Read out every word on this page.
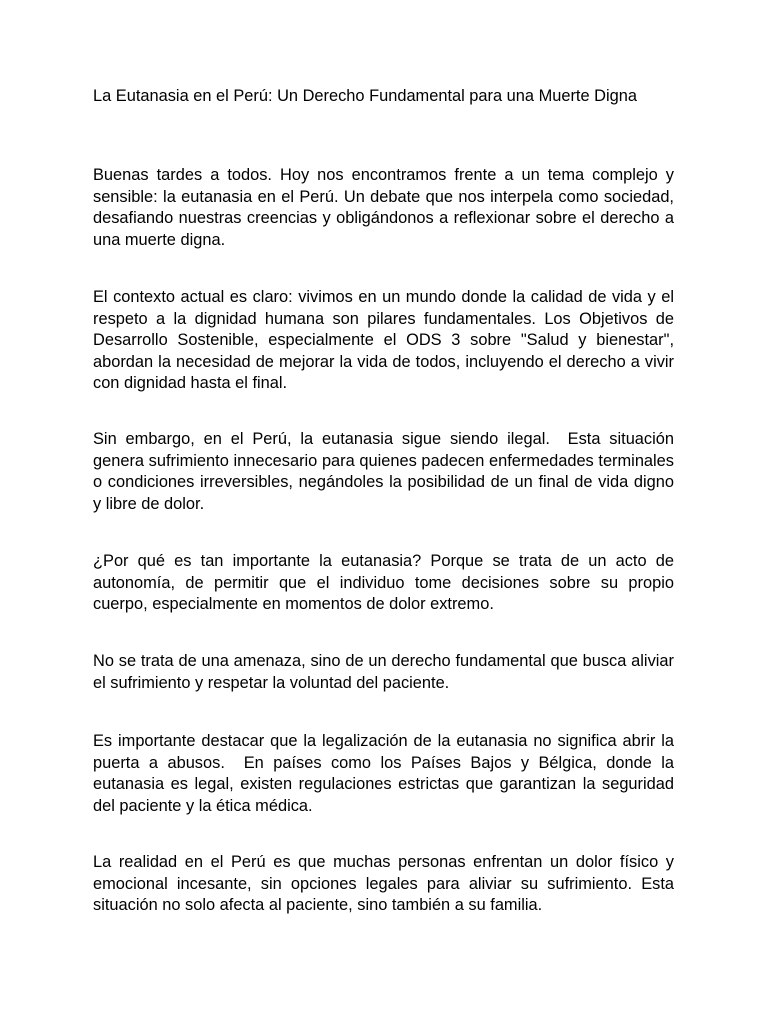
La Eutanasia en el Perú: Un Derecho Fundamental para una Muerte Digna

Buenas tardes a todos. Hoy nos encontramos frente a un tema complejo y sensible: la eutanasia en el Perú. Un debate que nos interpela como sociedad, desafiando nuestras creencias y obligándonos a reflexionar sobre el derecho a una muerte digna.

El contexto actual es claro: vivimos en un mundo donde la calidad de vida y el respeto a la dignidad humana son pilares fundamentales. Los Objetivos de Desarrollo Sostenible, especialmente el ODS 3 sobre "Salud y bienestar", abordan la necesidad de mejorar la vida de todos, incluyendo el derecho a vivir con dignidad hasta el final.

Sin embargo, en el Perú, la eutanasia sigue siendo ilegal.  Esta situación genera sufrimiento innecesario para quienes padecen enfermedades terminales o condiciones irreversibles, negándoles la posibilidad de un final de vida digno y libre de dolor.

¿Por qué es tan importante la eutanasia? Porque se trata de un acto de autonomía, de permitir que el individuo tome decisiones sobre su propio cuerpo, especialmente en momentos de dolor extremo.

No se trata de una amenaza, sino de un derecho fundamental que busca aliviar el sufrimiento y respetar la voluntad del paciente.

Es importante destacar que la legalización de la eutanasia no significa abrir la puerta a abusos.  En países como los Países Bajos y Bélgica, donde la eutanasia es legal, existen regulaciones estrictas que garantizan la seguridad del paciente y la ética médica.

La realidad en el Perú es que muchas personas enfrentan un dolor físico y emocional incesante, sin opciones legales para aliviar su sufrimiento. Esta situación no solo afecta al paciente, sino también a su familia.
